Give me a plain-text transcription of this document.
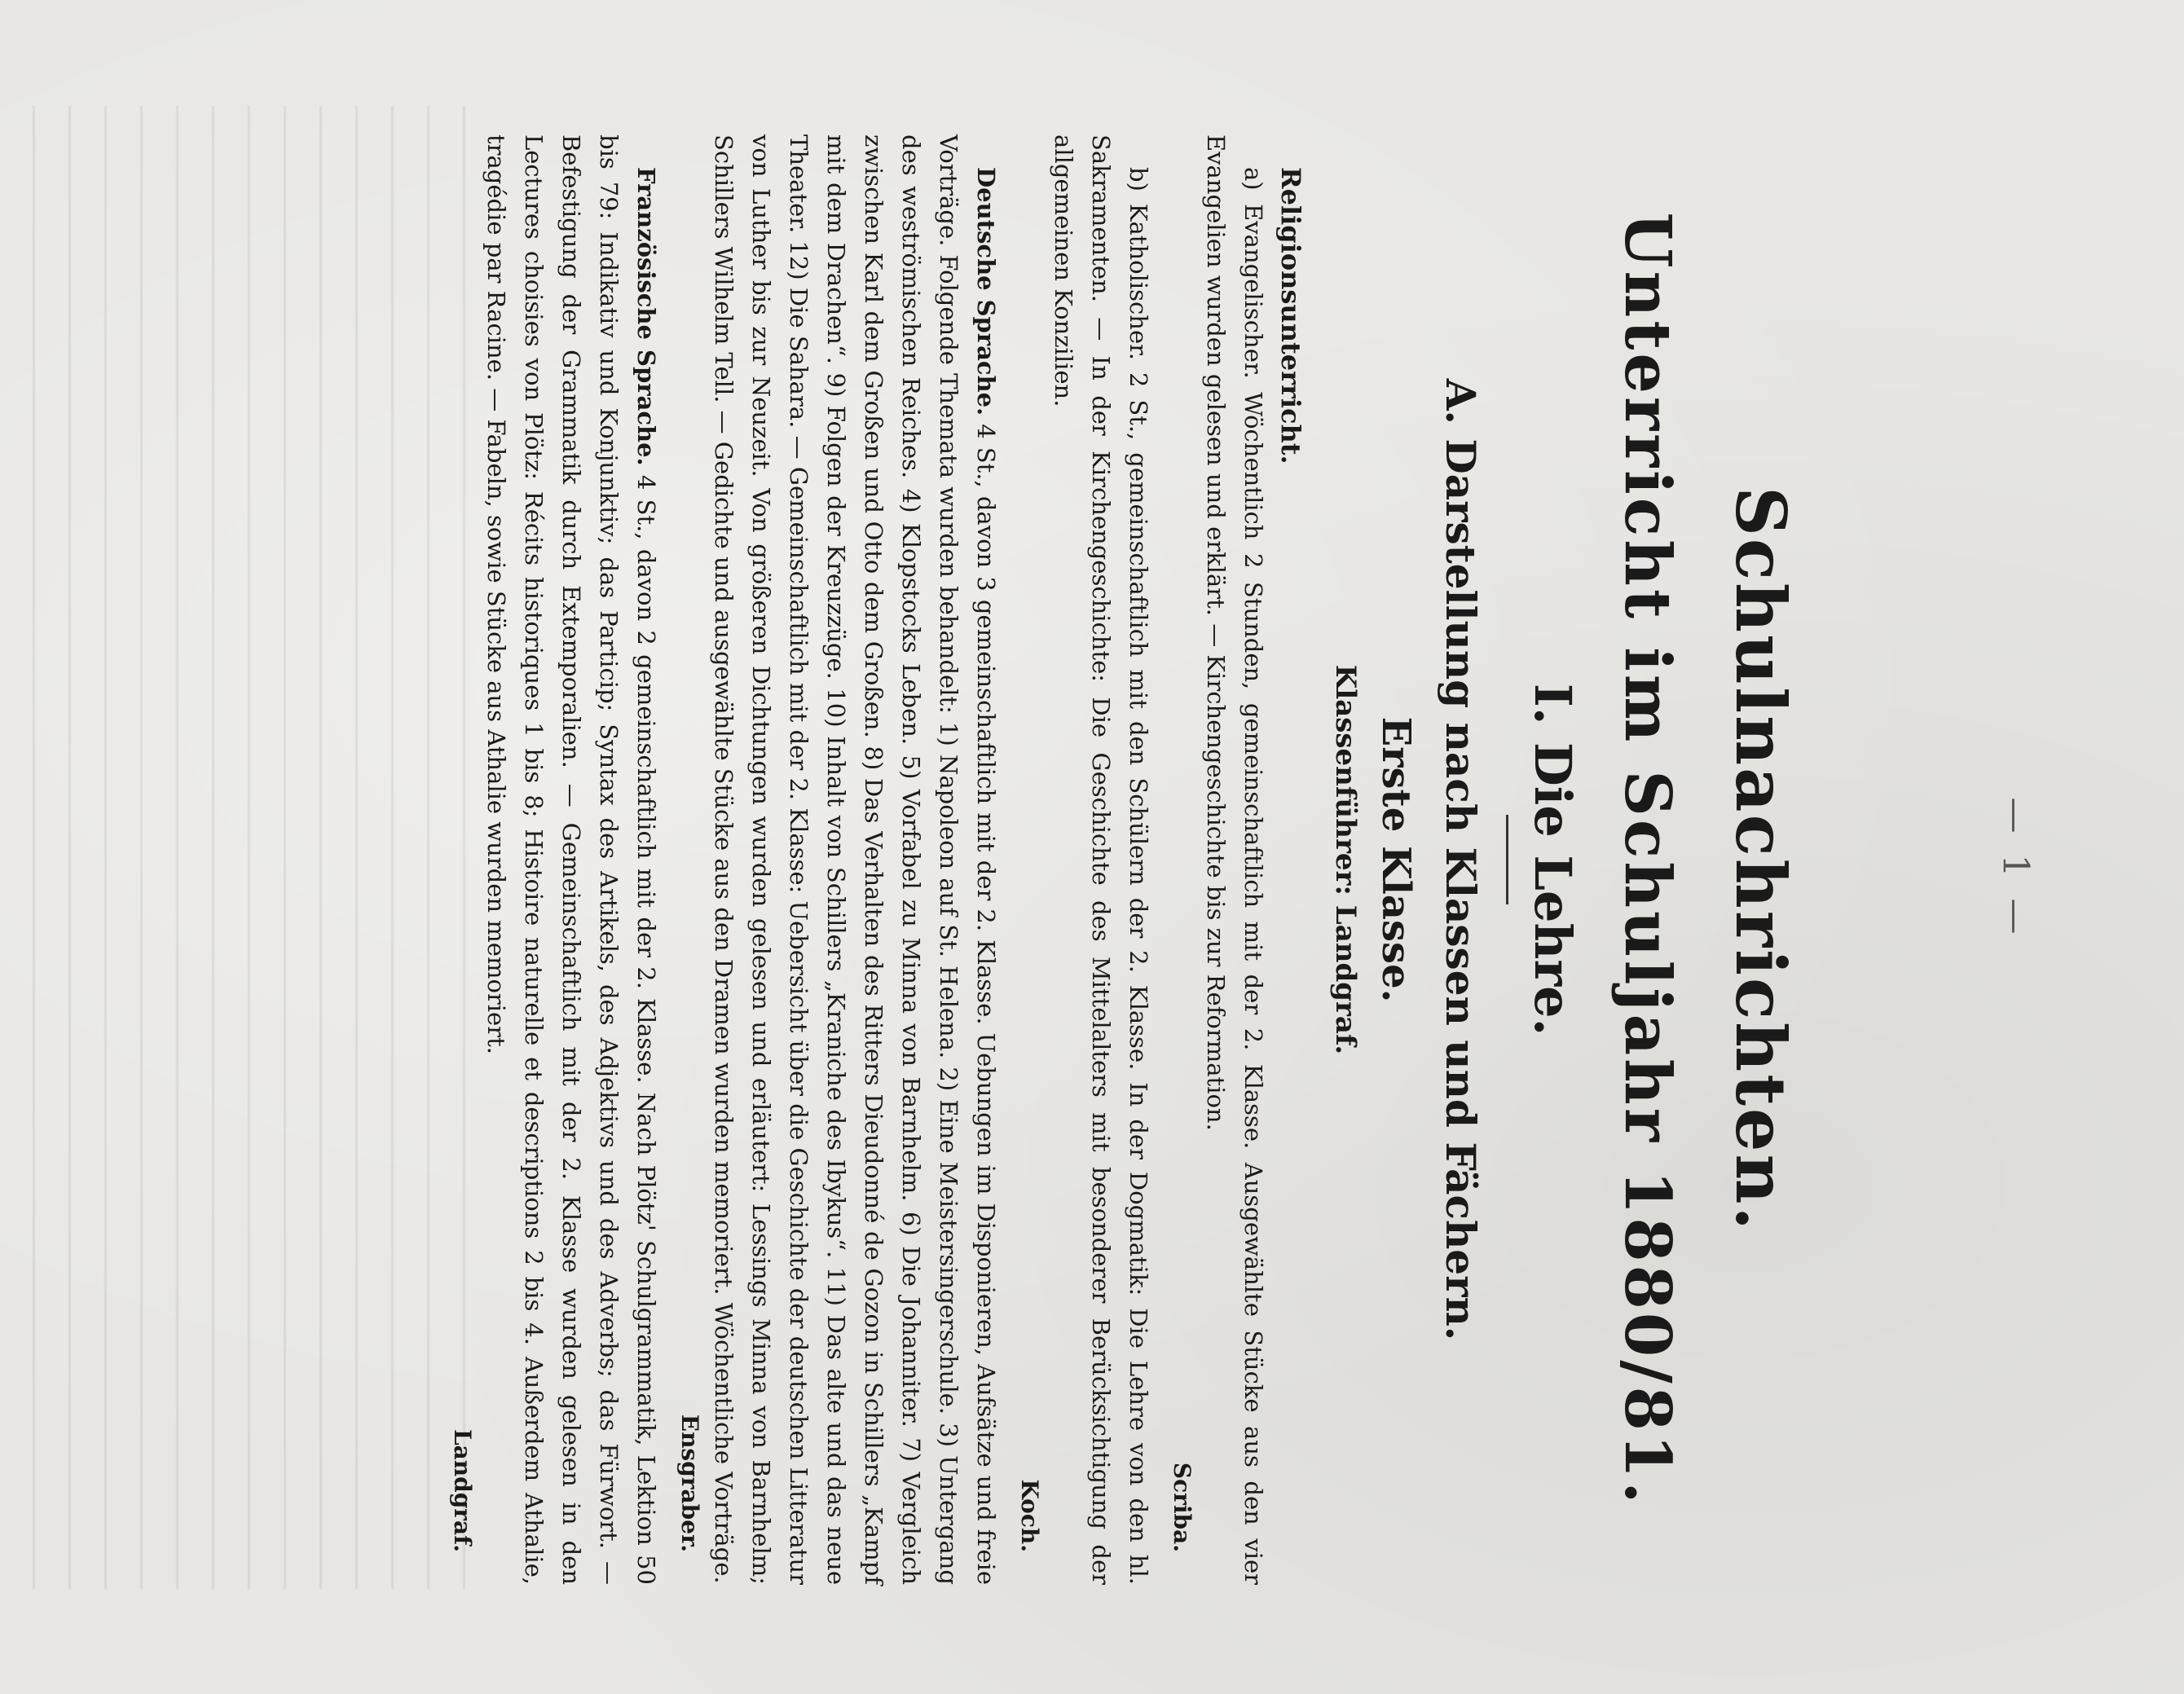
— 1 —
Schulnachrichten.
Unterricht im Schuljahr 1880/81.
I. Die Lehre.
A. Darstellung nach Klassen und Fächern.
Erste Klasse.
Klassenführer: Landgraf.
Religionsunterricht.

a) Evangelischer. Wöchentlich 2 Stunden, gemeinschaftlich mit der 2. Klasse. Ausgewählte Stücke aus den vier Evangelien wurden gelesen und erklärt. — Kirchengeschichte bis zur Reformation.

Scriba.

b) Katholischer. 2 St., gemeinschaftlich mit den Schülern der 2. Klasse. In der Dogmatik: Die Lehre von den hl. Sakramenten. — In der Kirchengeschichte: Die Geschichte des Mittelalters mit besonderer Berücksichtigung der allgemeinen Konzilien.

Koch.

Deutsche Sprache. 4 St., davon 3 gemeinschaftlich mit der 2. Klasse. Uebungen im Disponieren, Aufsätze und freie Vorträge. Folgende Themata wurden behandelt: 1) Napoleon auf St. Helena. 2) Eine Meistersingerschule. 3) Untergang des weströmischen Reiches. 4) Klopstocks Leben. 5) Vorfabel zu Minna von Barnhelm. 6) Die Johanniter. 7) Vergleich zwischen Karl dem Großen und Otto dem Großen. 8) Das Verhalten des Ritters Dieudonné de Gozon in Schillers „Kampf mit dem Drachen“. 9) Folgen der Kreuzzüge. 10) Inhalt von Schillers „Kraniche des Ibykus“. 11) Das alte und das neue Theater. 12) Die Sahara. — Gemeinschaftlich mit der 2. Klasse: Uebersicht über die Geschichte der deutschen Litteratur von Luther bis zur Neuzeit. Von größeren Dichtungen wurden gelesen und erläutert: Lessings Minna von Barnhelm; Schillers Wilhelm Tell. — Gedichte und ausgewählte Stücke aus den Dramen wurden memoriert. Wöchentliche Vorträge.

Ensgraber.

Französische Sprache. 4 St., davon 2 gemeinschaftlich mit der 2. Klasse. Nach Plötz' Schulgrammatik, Lektion 50 bis 79: Indikativ und Konjunktiv; das Particip; Syntax des Artikels, des Adjektivs und des Adverbs; das Fürwort. — Befestigung der Grammatik durch Extemporalien. — Gemeinschaftlich mit der 2. Klasse wurden gelesen in den Lectures choisies von Plötz: Récits historiques 1 bis 8; Histoire naturelle et descriptions 2 bis 4. Außerdem Athalie, tragédie par Racine. — Fabeln, sowie Stücke aus Athalie wurden memoriert.

Landgraf.
